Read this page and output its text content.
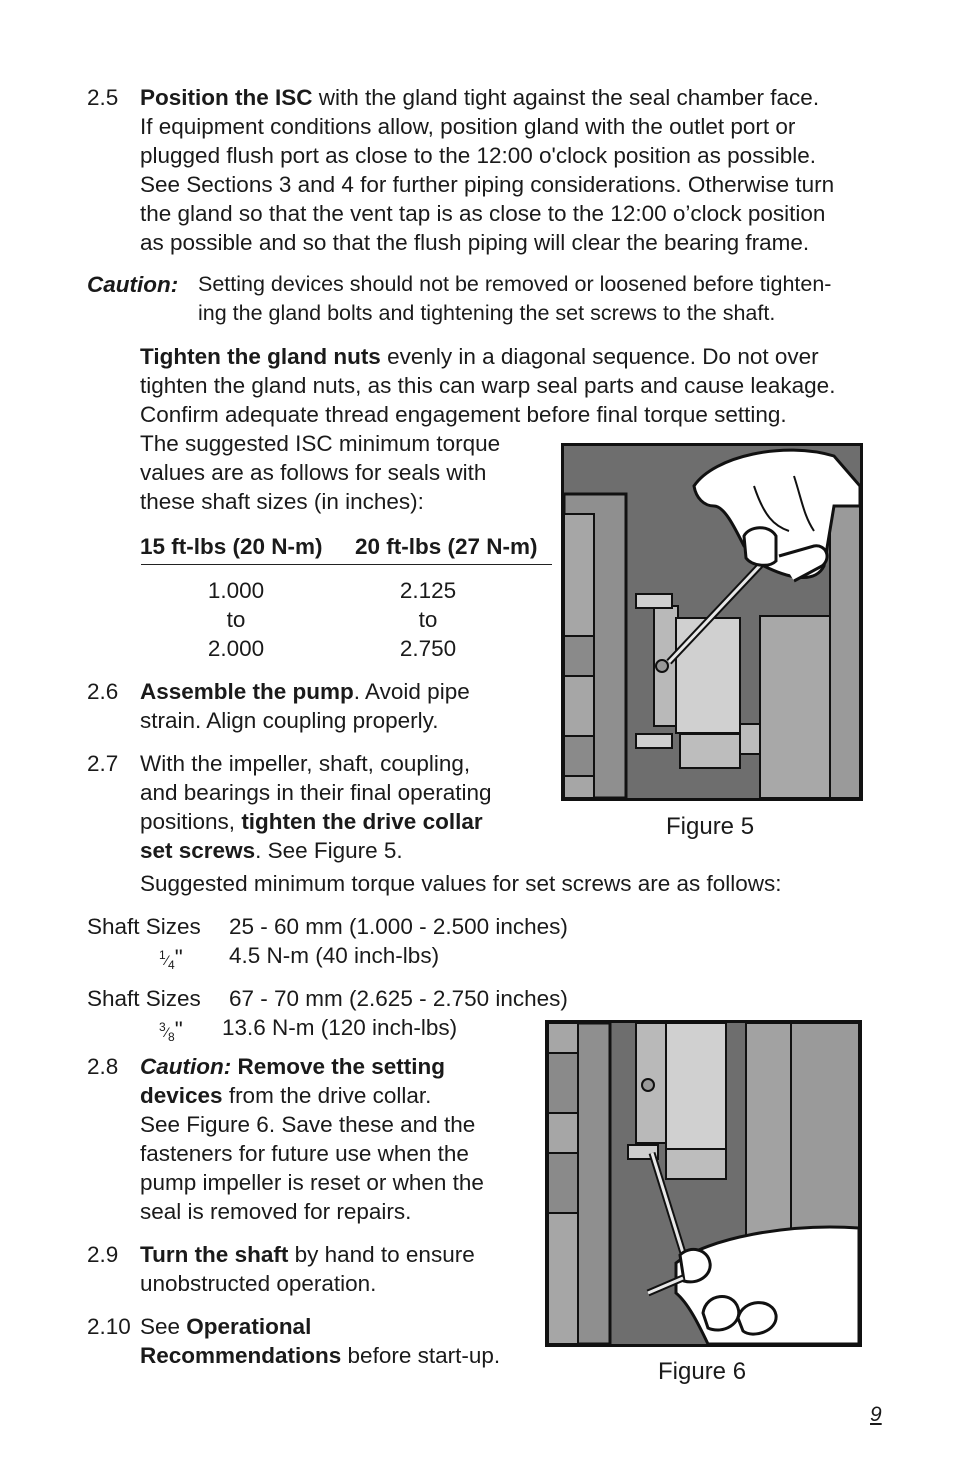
2.5 Position the ISC with the gland tight against the seal chamber face.
If equipment conditions allow, position gland with the outlet port or
plugged flush port as close to the 12:00 o'clock position as possible.
See Sections 3 and 4 for further piping considerations. Otherwise turn
the gland so that the vent tap is as close to the 12:00 o’clock position
as possible and so that the flush piping will clear the bearing frame.
Caution: Setting devices should not be removed or loosened before tighten-
ing the gland bolts and tightening the set screws to the shaft.
Tighten the gland nuts evenly in a diagonal sequence. Do not over
tighten the gland nuts, as this can warp seal parts and cause leakage.
Confirm adequate thread engagement before final torque setting.
The suggested ISC minimum torque
values are as follows for seals with
these shaft sizes (in inches):
15 ft-lbs (20 N-m) 20 ft-lbs (27 N-m)
1.000
to
2.000
2.125
to
2.750
2.6 Assemble the pump. Avoid pipe
strain. Align coupling properly.
2.7 With the impeller, shaft, coupling,
and bearings in their final operating
positions, tighten the drive collar
set screws. See Figure 5.
Suggested minimum torque values for set screws are as follows:
Shaft Sizes 25 - 60 mm (1.000 - 2.500 inches)
$^1⁄_4$" 4.5 N-m (40 inch-lbs)
Shaft Sizes 67 - 70 mm (2.625 - 2.750 inches)
$^3⁄_8$" 13.6 N-m (120 inch-lbs)
2.8 Caution: Remove the setting
devices from the drive collar.
See Figure 6. Save these and the
fasteners for future use when the
pump impeller is reset or when the
seal is removed for repairs.
2.9 Turn the shaft by hand to ensure
unobstructed operation.
2.10 See Operational
Recommendations before start-up.
Figure 5
Figure 6
9
